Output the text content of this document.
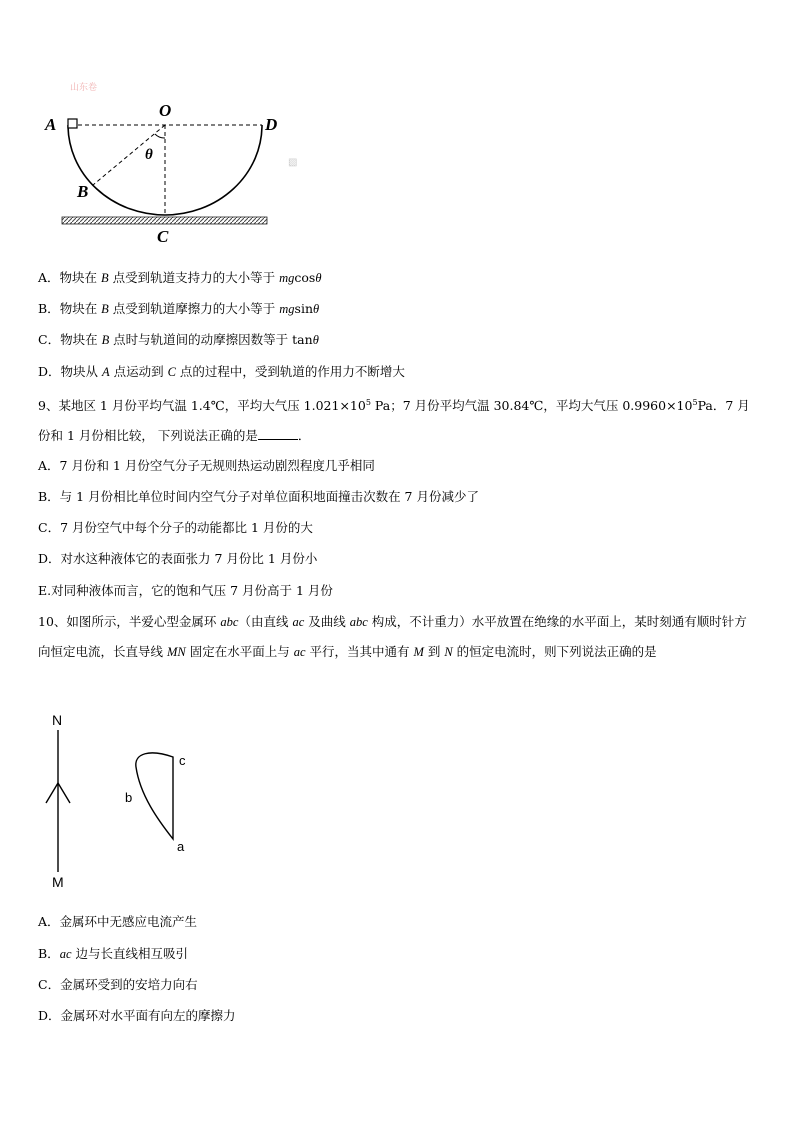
山东卷
A
O
D
θ
B
C
▧
A．物块在 B 点受到轨道支持力的大小等于 mgcosθ
B．物块在 B 点受到轨道摩擦力的大小等于 mgsinθ
C．物块在 B 点时与轨道间的动摩擦因数等于 tanθ
D．物块从 A 点运动到 C 点的过程中，受到轨道的作用力不断增大
9、某地区 1 月份平均气温 1.4℃，平均大气压 $1.021\times 10^5$ Pa；7 月份平均气温 30.84℃，平均大气压 $0.9960\times 10^5Pa$．7 月
份和 1 月份相比较， 下列说法正确的是	．
A．7 月份和 1 月份空气分子无规则热运动剧烈程度几乎相同
B．与 1 月份相比单位时间内空气分子对单位面积地面撞击次数在 7 月份减少了
C．7 月份空气中每个分子的动能都比 1 月份的大
D．对水这种液体它的表面张力 7 月份比 1 月份小
E.对同种液体而言，它的饱和气压 7 月份高于 1 月份
10、如图所示，半爱心型金属环 abc（由直线 ac 及曲线 abc 构成，不计重力）水平放置在绝缘的水平面上，某时刻通有顺时针方向恒定电流，长直导线 MN 固定在水平面上与 ac 平行，当其中通有 M 到 N 的恒定电流时，则下列说法正确的是
N
M
c
b
a
A．金属环中无感应电流产生
B．ac 边与长直线相互吸引
C．金属环受到的安培力向右
D．金属环对水平面有向左的摩擦力
